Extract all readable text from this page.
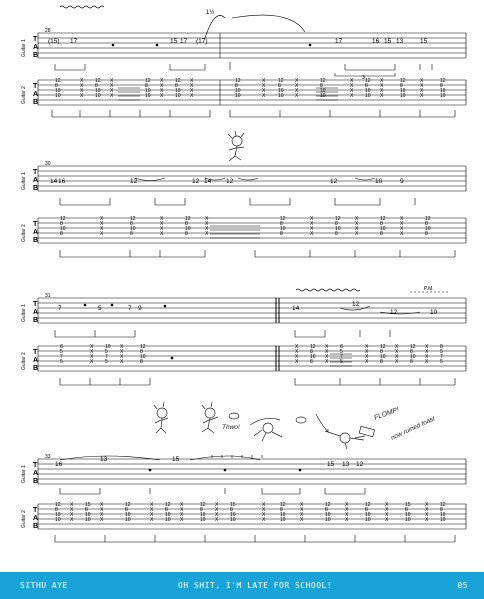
Thwo!
FLOMP!
now ruined toast
Guitar 1
Guitar 2
Guitar 1
Guitar 2
Guitar 1
Guitar 2
Guitar 1
Guitar 2
T
A
B
T
A
B
T
A
B
T
A
B
T
A
B
T
A
B
T
A
B
T
A
B
28
30
31
33
1½
3
P.M.
(15) 17	15 17 (17)	17	16 15 13	15
14 16	12	12 14 12	12	10	9
7	5	7 9	14
12
12	10
16
13	15
15 13 12
12
8
10
10
X
X
X
X
12
8
10
10
X
X
X
X
12
8
10
10
X
X
X
X
12
8
10
10
X
X
X
X
12
8
10
10
X
X
X
X
12
8
10
10
X
X
X
X
12
8
10
10
X
X
X
X
12
8
10
10
X
X
X
X
12
8
10
10
X
X
X
X
12
8
10
10
12
8
10
8
X
X
X
X
12
8
10
8
X
X
X
X
12
8
10
8
X
X
X
X
12
8
10
8
X
X
X
X
12
8
10
8
X
X
X
X
12
8
10
8
X
X
X
X
12
8
10
8
8
5
7
5
X
X
X
X
10
5
7
5
X
X
X
X
12
8
10
8
X
X
X
X
12
8
10
8
X
X
X
X
8
5
7
5
X
X
X
X
12
8
10
8
X
X
X
X
12
8
10
8
X
X
X
X
8
5
7
5
12
8
10
10
X
X
X
X
15
8
10
10
X
X
X
X
12
8
10
10
X
X
X
X
12
8
10
10
X
X
X
X
12
8
10
10
X
X
X
X
15
8
10
10
X
X
X
X
12
8
10
10
X
X
X
X
12
8
10
10
X
X
X
X
12
8
10
10
X
X
X
X
15
8
10
10
X
X
X
X
12
8
10
10
SITHU AYE	OH SHIT, I'M LATE FOR SCHOOL!	05
